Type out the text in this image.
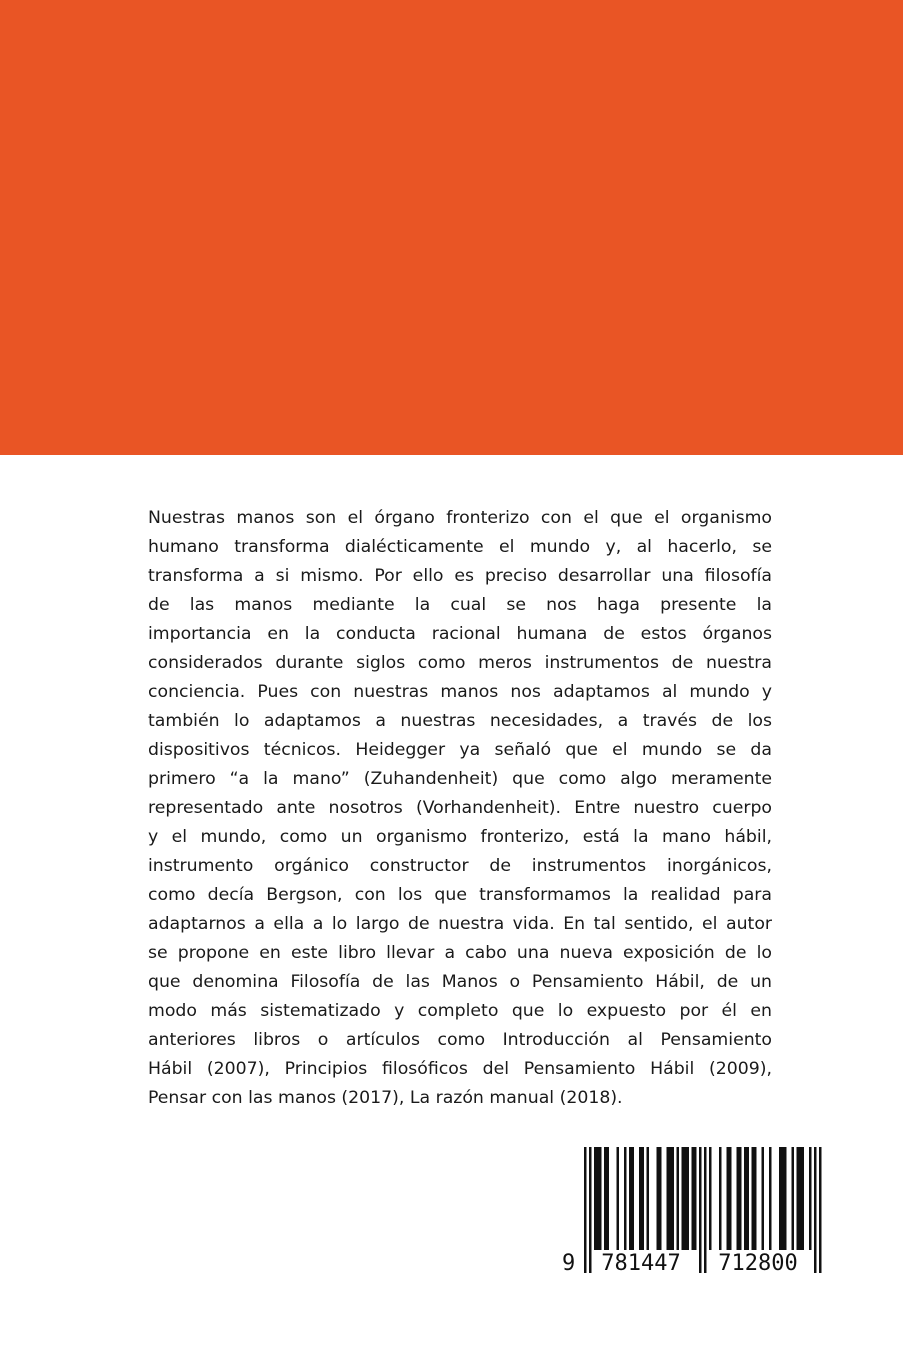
Nuestras manos son el órgano fronterizo con el que el organismo
humano transforma dialécticamente el mundo y, al hacerlo, se
transforma a si mismo. Por ello es preciso desarrollar una filosofía
de las manos mediante la cual se nos haga presente la
importancia en la conducta racional humana de estos órganos
considerados durante siglos como meros instrumentos de nuestra
conciencia. Pues con nuestras manos nos adaptamos al mundo y
también lo adaptamos a nuestras necesidades, a través de los
dispositivos técnicos. Heidegger ya señaló que el mundo se da
primero “a la mano” (Zuhandenheit) que como algo meramente
representado ante nosotros (Vorhandenheit). Entre nuestro cuerpo
y el mundo, como un organismo fronterizo, está la mano hábil,
instrumento orgánico constructor de instrumentos inorgánicos,
como decía Bergson, con los que transformamos la realidad para
adaptarnos a ella a lo largo de nuestra vida. En tal sentido, el autor
se propone en este libro llevar a cabo una nueva exposición de lo
que denomina Filosofía de las Manos o Pensamiento Hábil, de un
modo más sistematizado y completo que lo expuesto por él en
anteriores libros o artículos como Introducción al Pensamiento
Hábil (2007), Principios filosóficos del Pensamiento Hábil (2009),
Pensar con las manos (2017), La razón manual (2018).
9 781447 712800
